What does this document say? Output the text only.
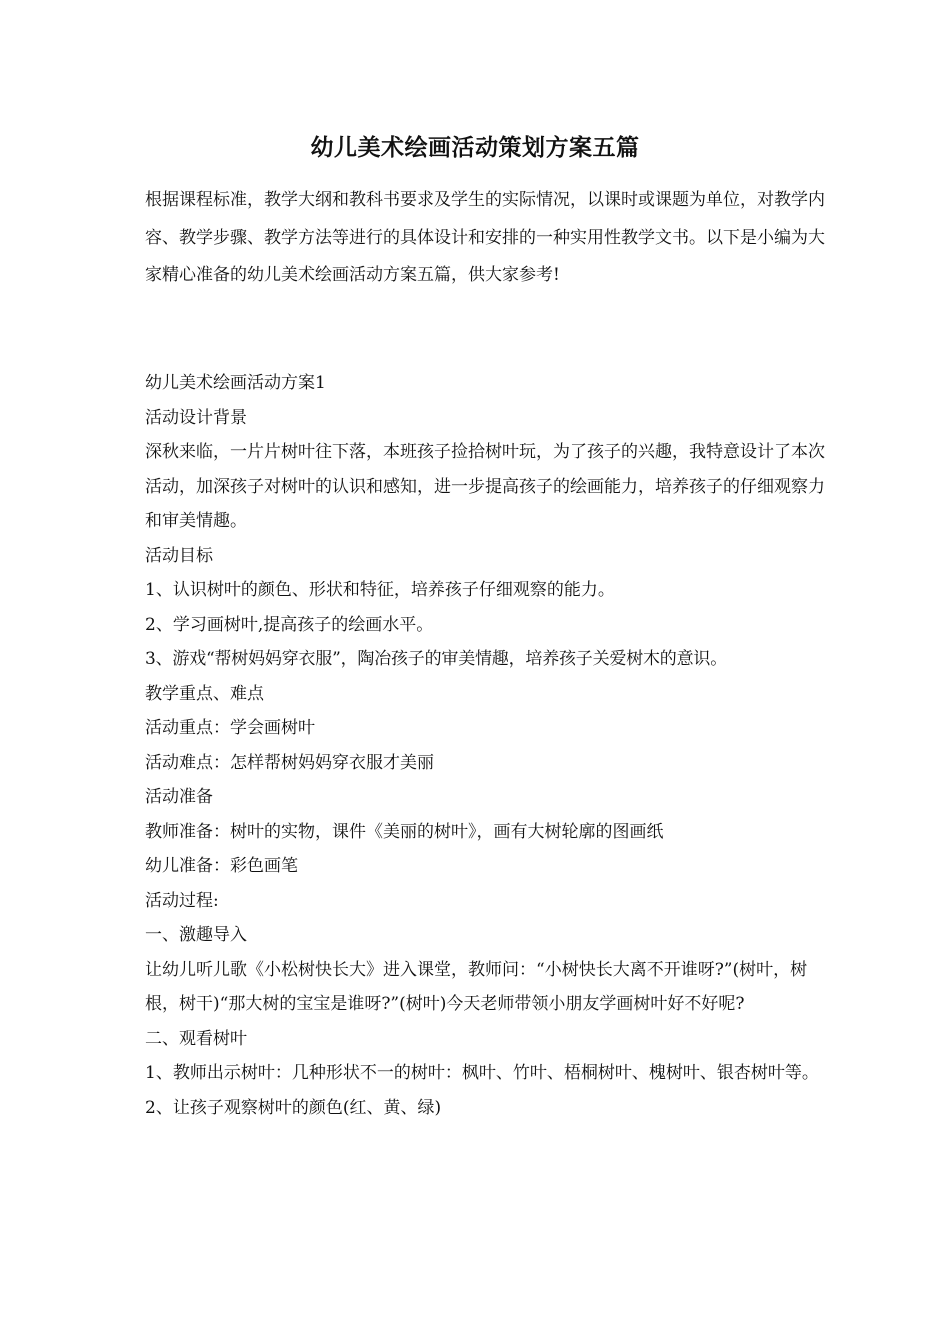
幼儿美术绘画活动策划方案五篇

根据课程标准，教学大纲和教科书要求及学生的实际情况，以课时或课题为单位，对教学内容、教学步骤、教学方法等进行的具体设计和安排的一种实用性教学文书。以下是小编为大家精心准备的幼儿美术绘画活动方案五篇，供大家参考!

幼儿美术绘画活动方案1

活动设计背景

深秋来临，一片片树叶往下落，本班孩子捡拾树叶玩，为了孩子的兴趣，我特意设计了本次活动，加深孩子对树叶的认识和感知，进一步提高孩子的绘画能力，培养孩子的仔细观察力和审美情趣。

活动目标

1、认识树叶的颜色、形状和特征，培养孩子仔细观察的能力。

2、学习画树叶,提高孩子的绘画水平。

3、游戏“帮树妈妈穿衣服”，陶冶孩子的审美情趣，培养孩子关爱树木的意识。

教学重点、难点

活动重点：学会画树叶

活动难点：怎样帮树妈妈穿衣服才美丽

活动准备

教师准备：树叶的实物，课件《美丽的树叶》，画有大树轮廓的图画纸

幼儿准备：彩色画笔

活动过程:

一、激趣导入

让幼儿听儿歌《小松树快长大》进入课堂，教师问：“小树快长大离不开谁呀?”(树叶，树根，树干)“那大树的宝宝是谁呀?”(树叶)今天老师带领小朋友学画树叶好不好呢?

二、观看树叶

1、教师出示树叶：几种形状不一的树叶：枫叶、竹叶、梧桐树叶、槐树叶、银杏树叶等。

2、让孩子观察树叶的颜色(红、黄、绿)
